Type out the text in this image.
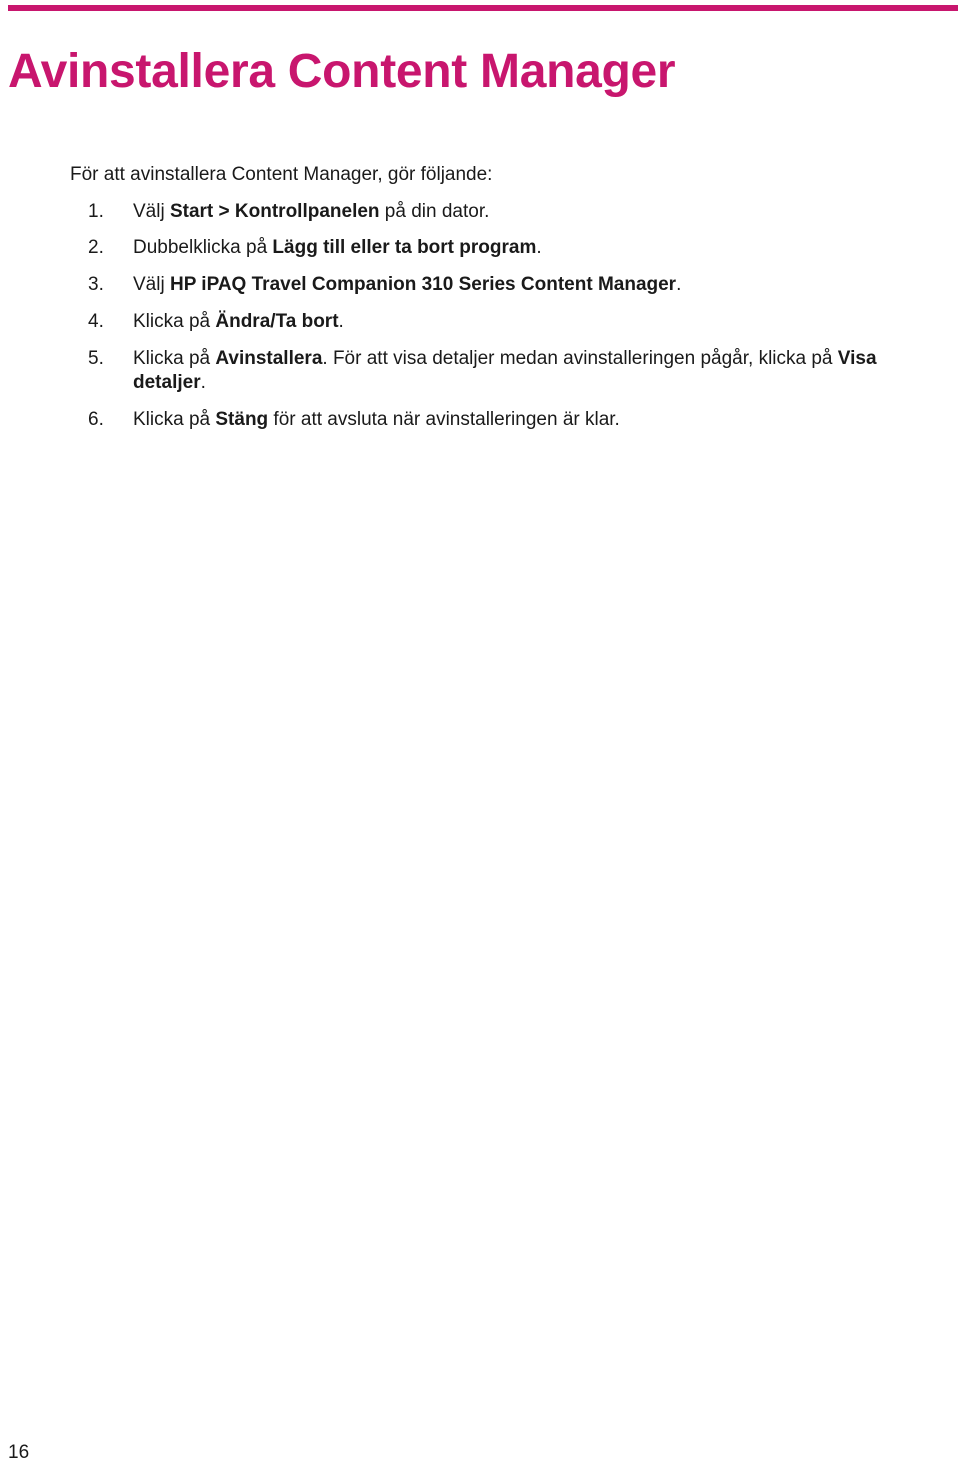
Avinstallera Content Manager

För att avinstallera Content Manager, gör följande:

1.	Välj Start > Kontrollpanelen på din dator.
2.	Dubbelklicka på Lägg till eller ta bort program.
3.	Välj HP iPAQ Travel Companion 310 Series Content Manager.
4.	Klicka på Ändra/Ta bort.
5.	Klicka på Avinstallera. För att visa detaljer medan avinstalleringen pågår, klicka på Visa detaljer.
6.	Klicka på Stäng för att avsluta när avinstalleringen är klar.
16
